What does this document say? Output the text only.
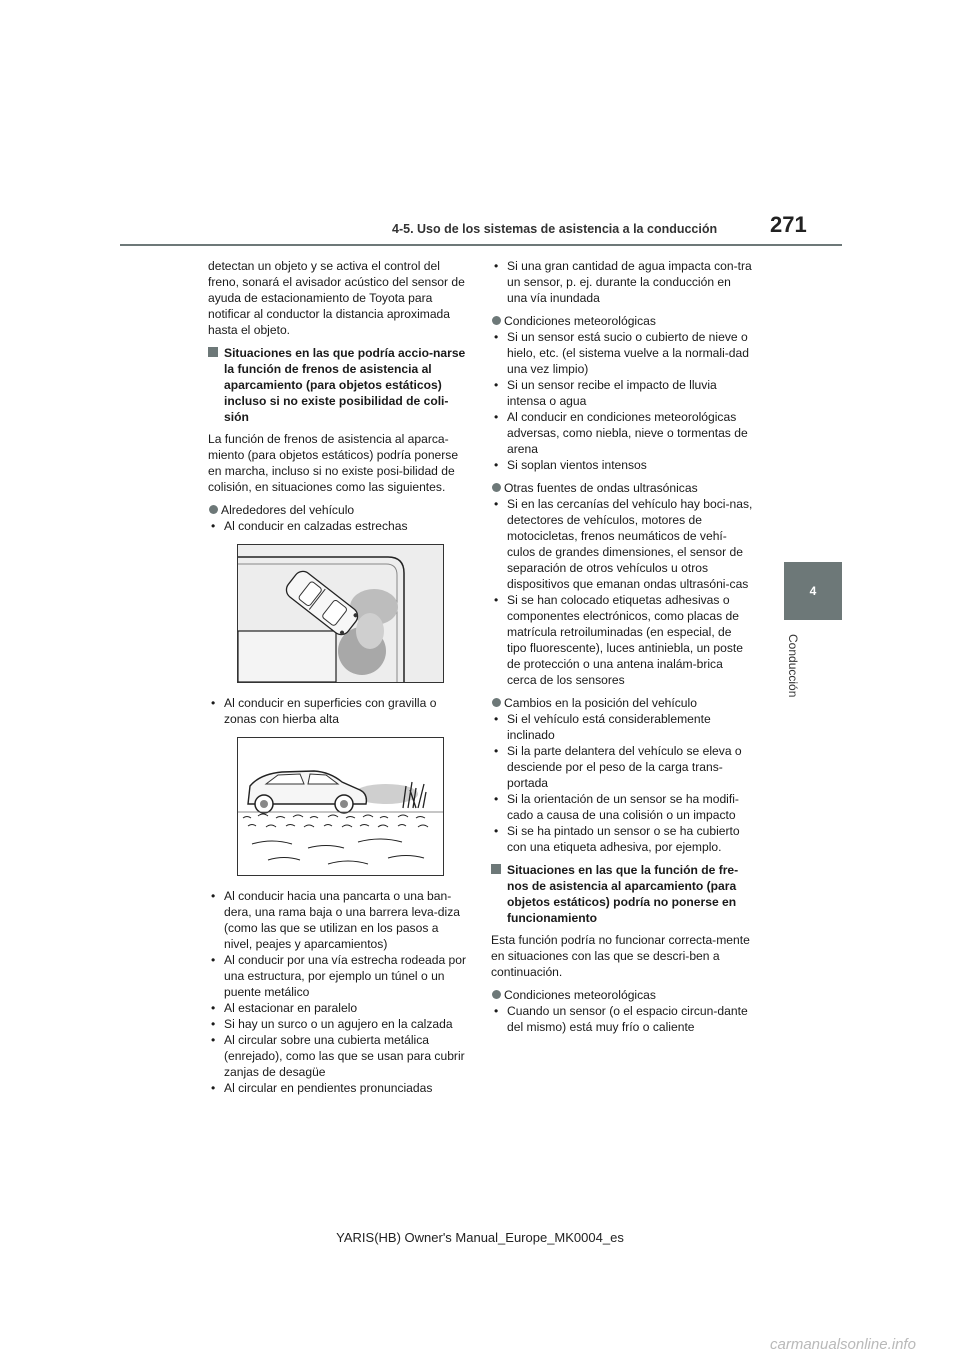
4-5. Uso de los sistemas de asistencia a la conducción 271
4
Conducción

detectan un objeto y se activa el control del freno, sonará el avisador acústico del sensor de ayuda de estacionamiento de Toyota para notificar al conductor la distancia aproximada hasta el objeto.

Situaciones en las que podría accio-narse la función de frenos de asistencia al aparcamiento (para objetos estáticos) incluso si no existe posibilidad de coli-sión

La función de frenos de asistencia al aparca-miento (para objetos estáticos) podría ponerse en marcha, incluso si no existe posi-bilidad de colisión, en situaciones como las siguientes.

Alrededores del vehículo
• Al conducir en calzadas estrechas
• Al conducir en superficies con gravilla o zonas con hierba alta
• Al conducir hacia una pancarta o una ban-dera, una rama baja o una barrera leva-diza (como las que se utilizan en los pasos a nivel, peajes y aparcamientos)
• Al conducir por una vía estrecha rodeada por una estructura, por ejemplo un túnel o un puente metálico
• Al estacionar en paralelo
• Si hay un surco o un agujero en la calzada
• Al circular sobre una cubierta metálica (enrejado), como las que se usan para cubrir zanjas de desagüe
• Al circular en pendientes pronunciadas
• Si una gran cantidad de agua impacta con-tra un sensor, p. ej. durante la conducción en una vía inundada
Condiciones meteorológicas
• Si un sensor está sucio o cubierto de nieve o hielo, etc. (el sistema vuelve a la normali-dad una vez limpio)
• Si un sensor recibe el impacto de lluvia intensa o agua
• Al conducir en condiciones meteorológicas adversas, como niebla, nieve o tormentas de arena
• Si soplan vientos intensos
Otras fuentes de ondas ultrasónicas
• Si en las cercanías del vehículo hay boci-nas, detectores de vehículos, motores de motocicletas, frenos neumáticos de vehí-culos de grandes dimensiones, el sensor de separación de otros vehículos u otros dispositivos que emanan ondas ultrasóni-cas
• Si se han colocado etiquetas adhesivas o componentes electrónicos, como placas de matrícula retroiluminadas (en especial, de tipo fluorescente), luces antiniebla, un poste de protección o una antena inalám-brica cerca de los sensores
Cambios en la posición del vehículo
• Si el vehículo está considerablemente inclinado
• Si la parte delantera del vehículo se eleva o desciende por el peso de la carga trans-portada
• Si la orientación de un sensor se ha modifi-cado a causa de una colisión o un impacto
• Si se ha pintado un sensor o se ha cubierto con una etiqueta adhesiva, por ejemplo.
Situaciones en las que la función de fre-nos de asistencia al aparcamiento (para objetos estáticos) podría no ponerse en funcionamiento

Esta función podría no funcionar correcta-mente en situaciones con las que se descri-ben a continuación.

Condiciones meteorológicas
• Cuando un sensor (o el espacio circun-dante del mismo) está muy frío o caliente
YARIS(HB) Owner's Manual_Europe_MK0004_es
carmanualsonline.info
